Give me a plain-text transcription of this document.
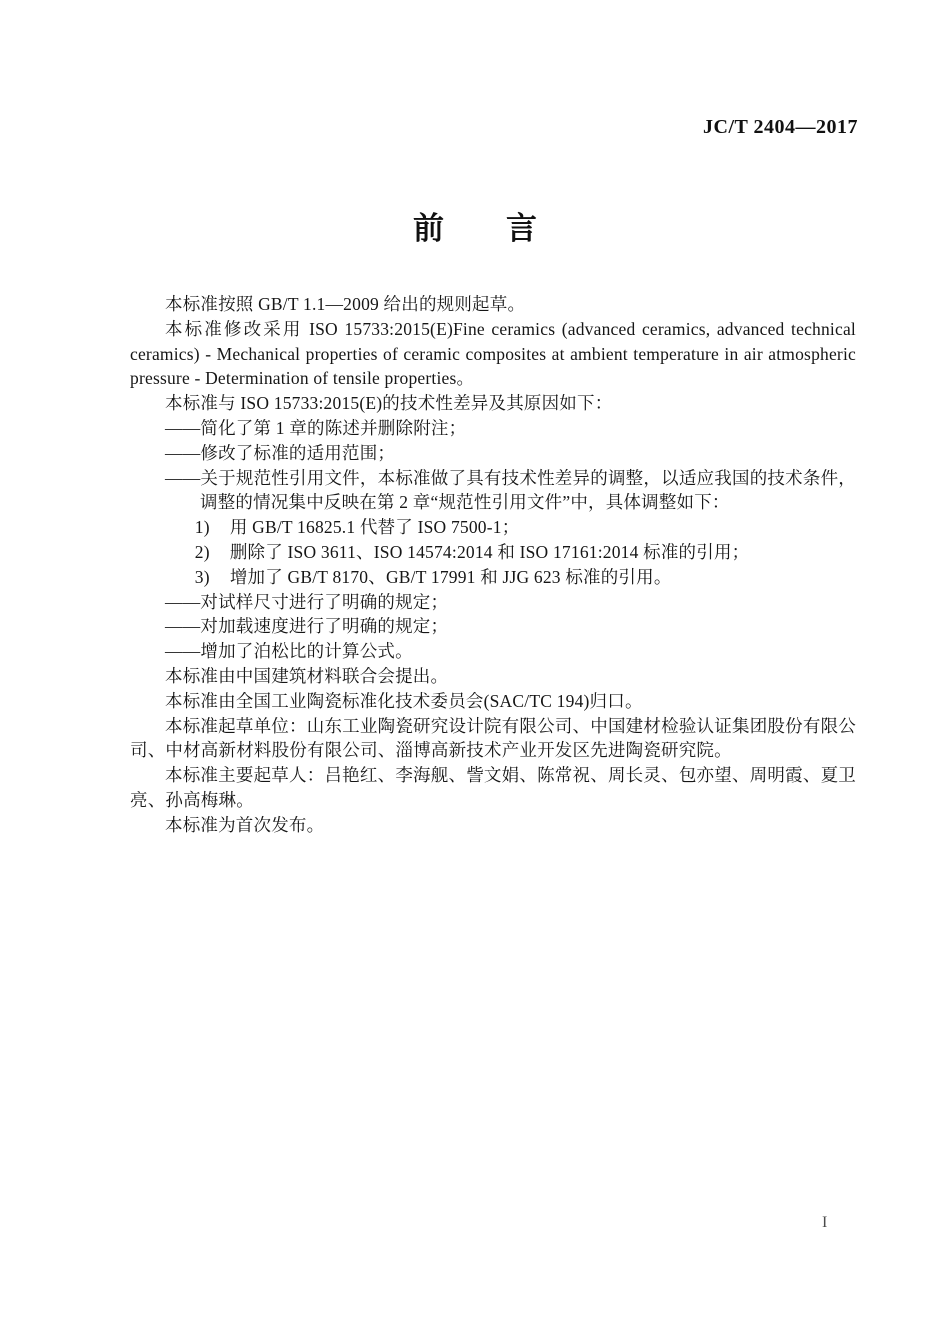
JC/T 2404—2017
前　　言
本标准按照 GB/T 1.1—2009 给出的规则起草。
本标准修改采用 ISO 15733:2015(E)Fine ceramics (advanced ceramics, advanced technical ceramics) - Mechanical properties of ceramic composites at ambient temperature in air atmospheric pressure - Determination of tensile properties。
本标准与 ISO 15733:2015(E)的技术性差异及其原因如下：
——简化了第 1 章的陈述并删除附注；
——修改了标准的适用范围；
——关于规范性引用文件，本标准做了具有技术性差异的调整，以适应我国的技术条件，调整的情况集中反映在第 2 章“规范性引用文件”中，具体调整如下：
1) 用 GB/T 16825.1 代替了 ISO 7500-1；
2) 删除了 ISO 3611、ISO 14574:2014 和 ISO 17161:2014 标准的引用；
3) 增加了 GB/T 8170、GB/T 17991 和 JJG 623 标准的引用。
——对试样尺寸进行了明确的规定；
——对加载速度进行了明确的规定；
——增加了泊松比的计算公式。
本标准由中国建筑材料联合会提出。
本标准由全国工业陶瓷标准化技术委员会(SAC/TC 194)归口。
本标准起草单位：山东工业陶瓷研究设计院有限公司、中国建材检验认证集团股份有限公司、中材高新材料股份有限公司、淄博高新技术产业开发区先进陶瓷研究院。
本标准主要起草人：吕艳红、李海舰、訾文娟、陈常祝、周长灵、包亦望、周明霞、夏卫亮、孙高梅琳。
本标准为首次发布。
I
